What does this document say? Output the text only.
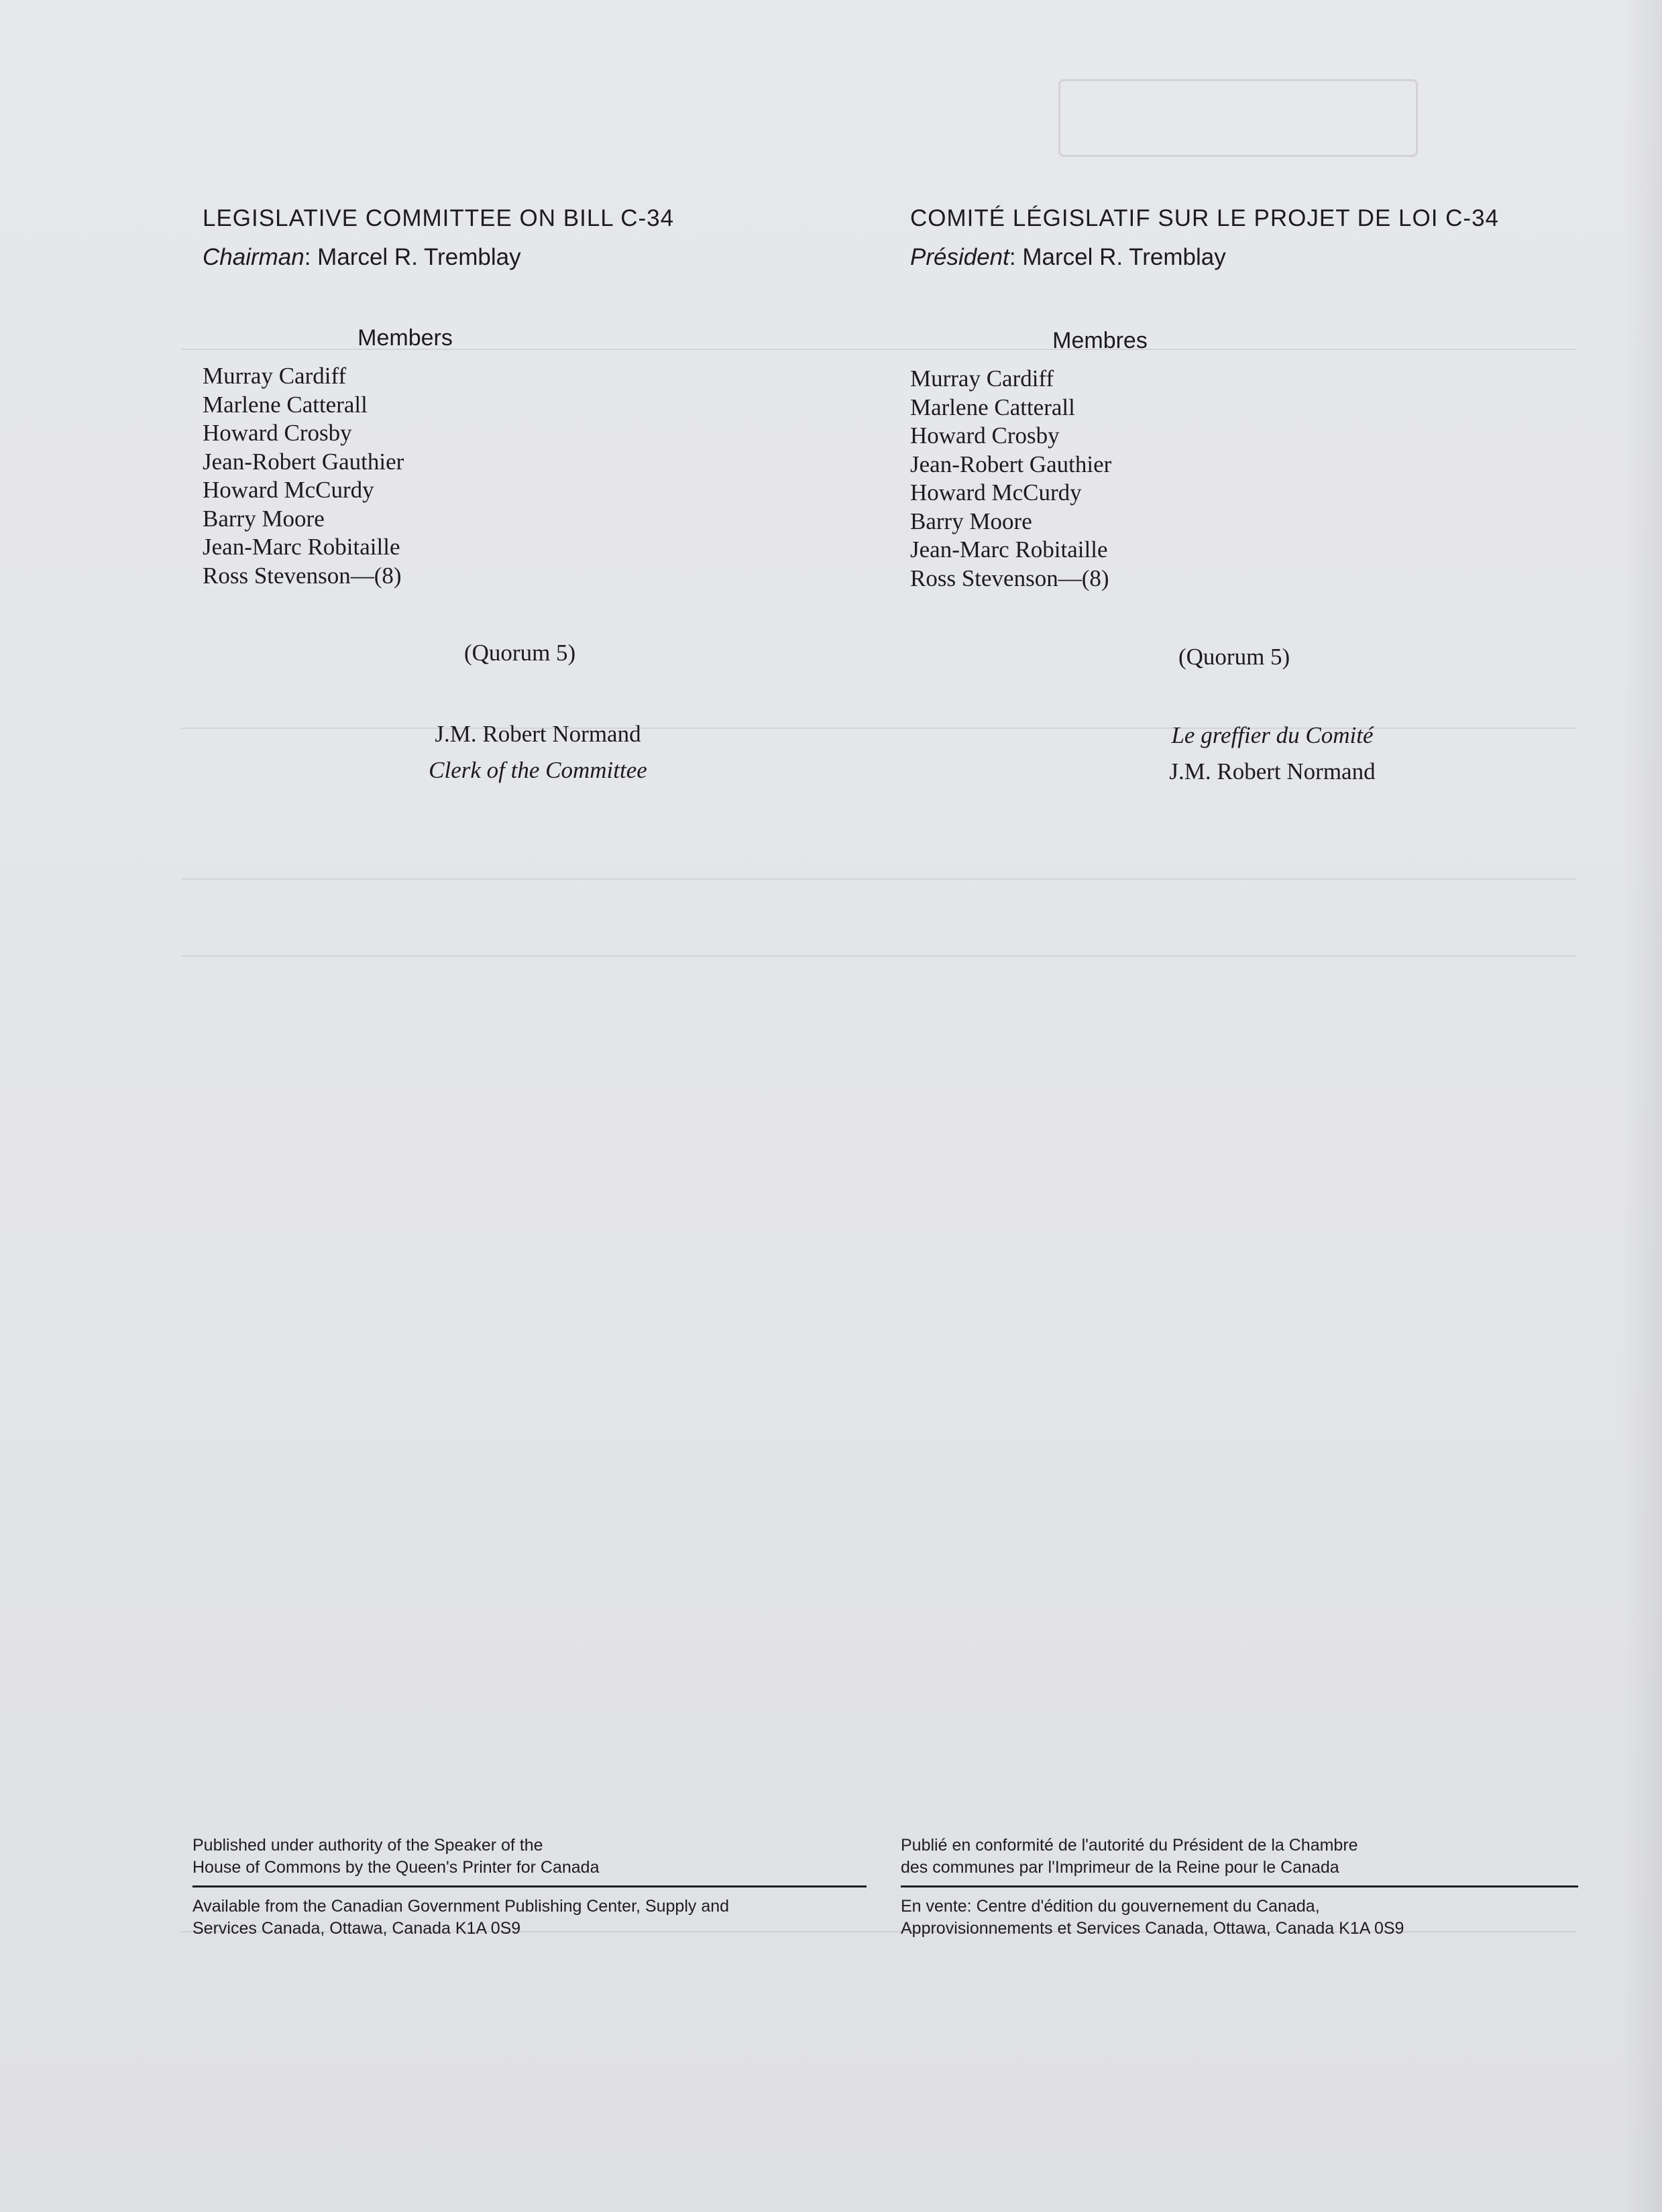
LEGISLATIVE COMMITTEE ON BILL C-34
Chairman: Marcel R. Tremblay
Members
Murray Cardiff
Marlene Catterall
Howard Crosby
Jean-Robert Gauthier
Howard McCurdy
Barry Moore
Jean-Marc Robitaille
Ross Stevenson—(8)
(Quorum 5)
J.M. Robert Normand
Clerk of the Committee
COMITÉ LÉGISLATIF SUR LE PROJET DE LOI C-34
Président: Marcel R. Tremblay
Membres
Murray Cardiff
Marlene Catterall
Howard Crosby
Jean-Robert Gauthier
Howard McCurdy
Barry Moore
Jean-Marc Robitaille
Ross Stevenson—(8)
(Quorum 5)
Le greffier du Comité
J.M. Robert Normand
Published under authority of the Speaker of the
House of Commons by the Queen's Printer for Canada
Available from the Canadian Government Publishing Center, Supply and
Services Canada, Ottawa, Canada K1A 0S9
Publié en conformité de l'autorité du Président de la Chambre
des communes par l'Imprimeur de la Reine pour le Canada
En vente: Centre d'édition du gouvernement du Canada,
Approvisionnements et Services Canada, Ottawa, Canada K1A 0S9
